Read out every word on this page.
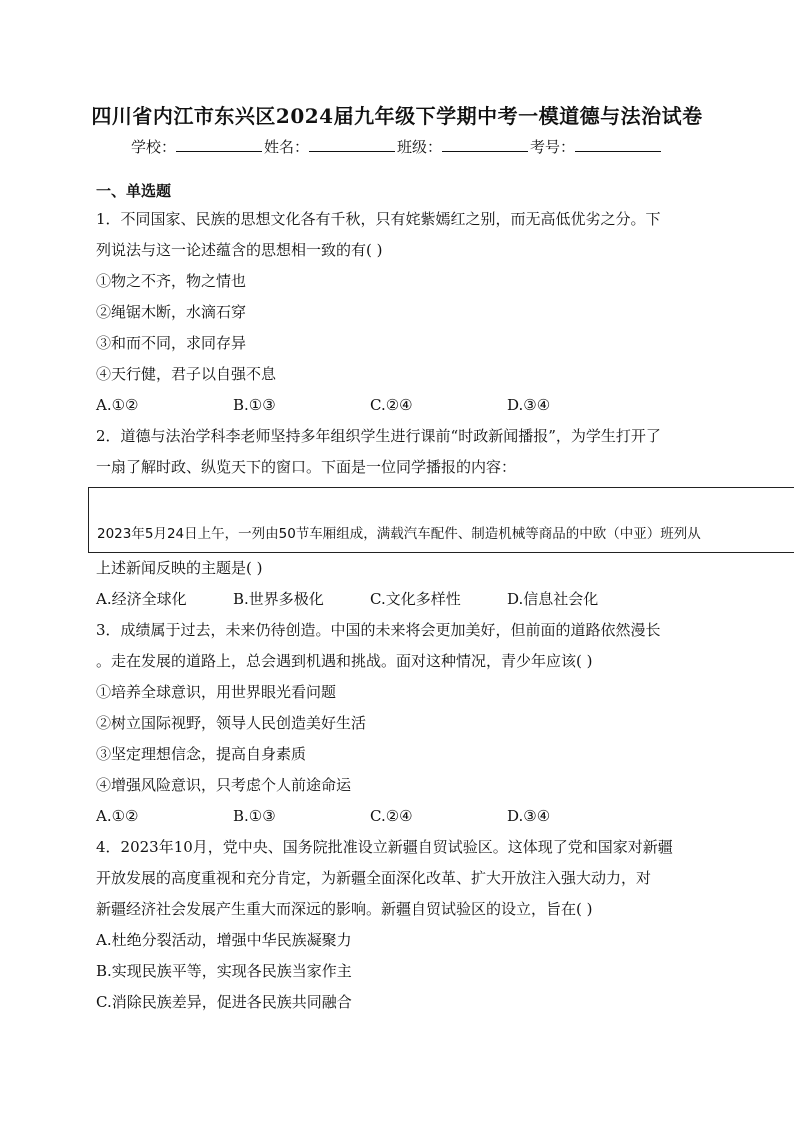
四川省内江市东兴区2024届九年级下学期中考一模道德与法治试卷
学校：	姓名：	班级：	考号：
一、单选题
1．不同国家、民族的思想文化各有千秋，只有姹紫嫣红之别，而无高低优劣之分。下
列说法与这一论述蕴含的思想相一致的有( )
①物之不齐，物之情也
②绳锯木断，水滴石穿
③和而不同，求同存异
④天行健，君子以自强不息
A.①②	B.①③	C.②④	D.③④
2．道德与法治学科李老师坚持多年组织学生进行课前“时政新闻播报”，为学生打开了
一扇了解时政、纵览天下的窗口。下面是一位同学播报的内容：
2023年5月24日上午，一列由50节车厢组成，满载汽车配件、制造机械等商品的中欧（中亚）班列从
上述新闻反映的主题是( )
A.经济全球化	B.世界多极化	C.文化多样性	D.信息社会化
3．成绩属于过去，未来仍待创造。中国的未来将会更加美好，但前面的道路依然漫长
。走在发展的道路上，总会遇到机遇和挑战。面对这种情况，青少年应该( )
①培养全球意识，用世界眼光看问题
②树立国际视野，领导人民创造美好生活
③坚定理想信念，提高自身素质
④增强风险意识，只考虑个人前途命运
A.①②	B.①③	C.②④	D.③④
4．2023年10月，党中央、国务院批准设立新疆自贸试验区。这体现了党和国家对新疆
开放发展的高度重视和充分肯定，为新疆全面深化改革、扩大开放注入强大动力，对
新疆经济社会发展产生重大而深远的影响。新疆自贸试验区的设立，旨在( )
A.杜绝分裂活动，增强中华民族凝聚力
B.实现民族平等，实现各民族当家作主
C.消除民族差异，促进各民族共同融合
